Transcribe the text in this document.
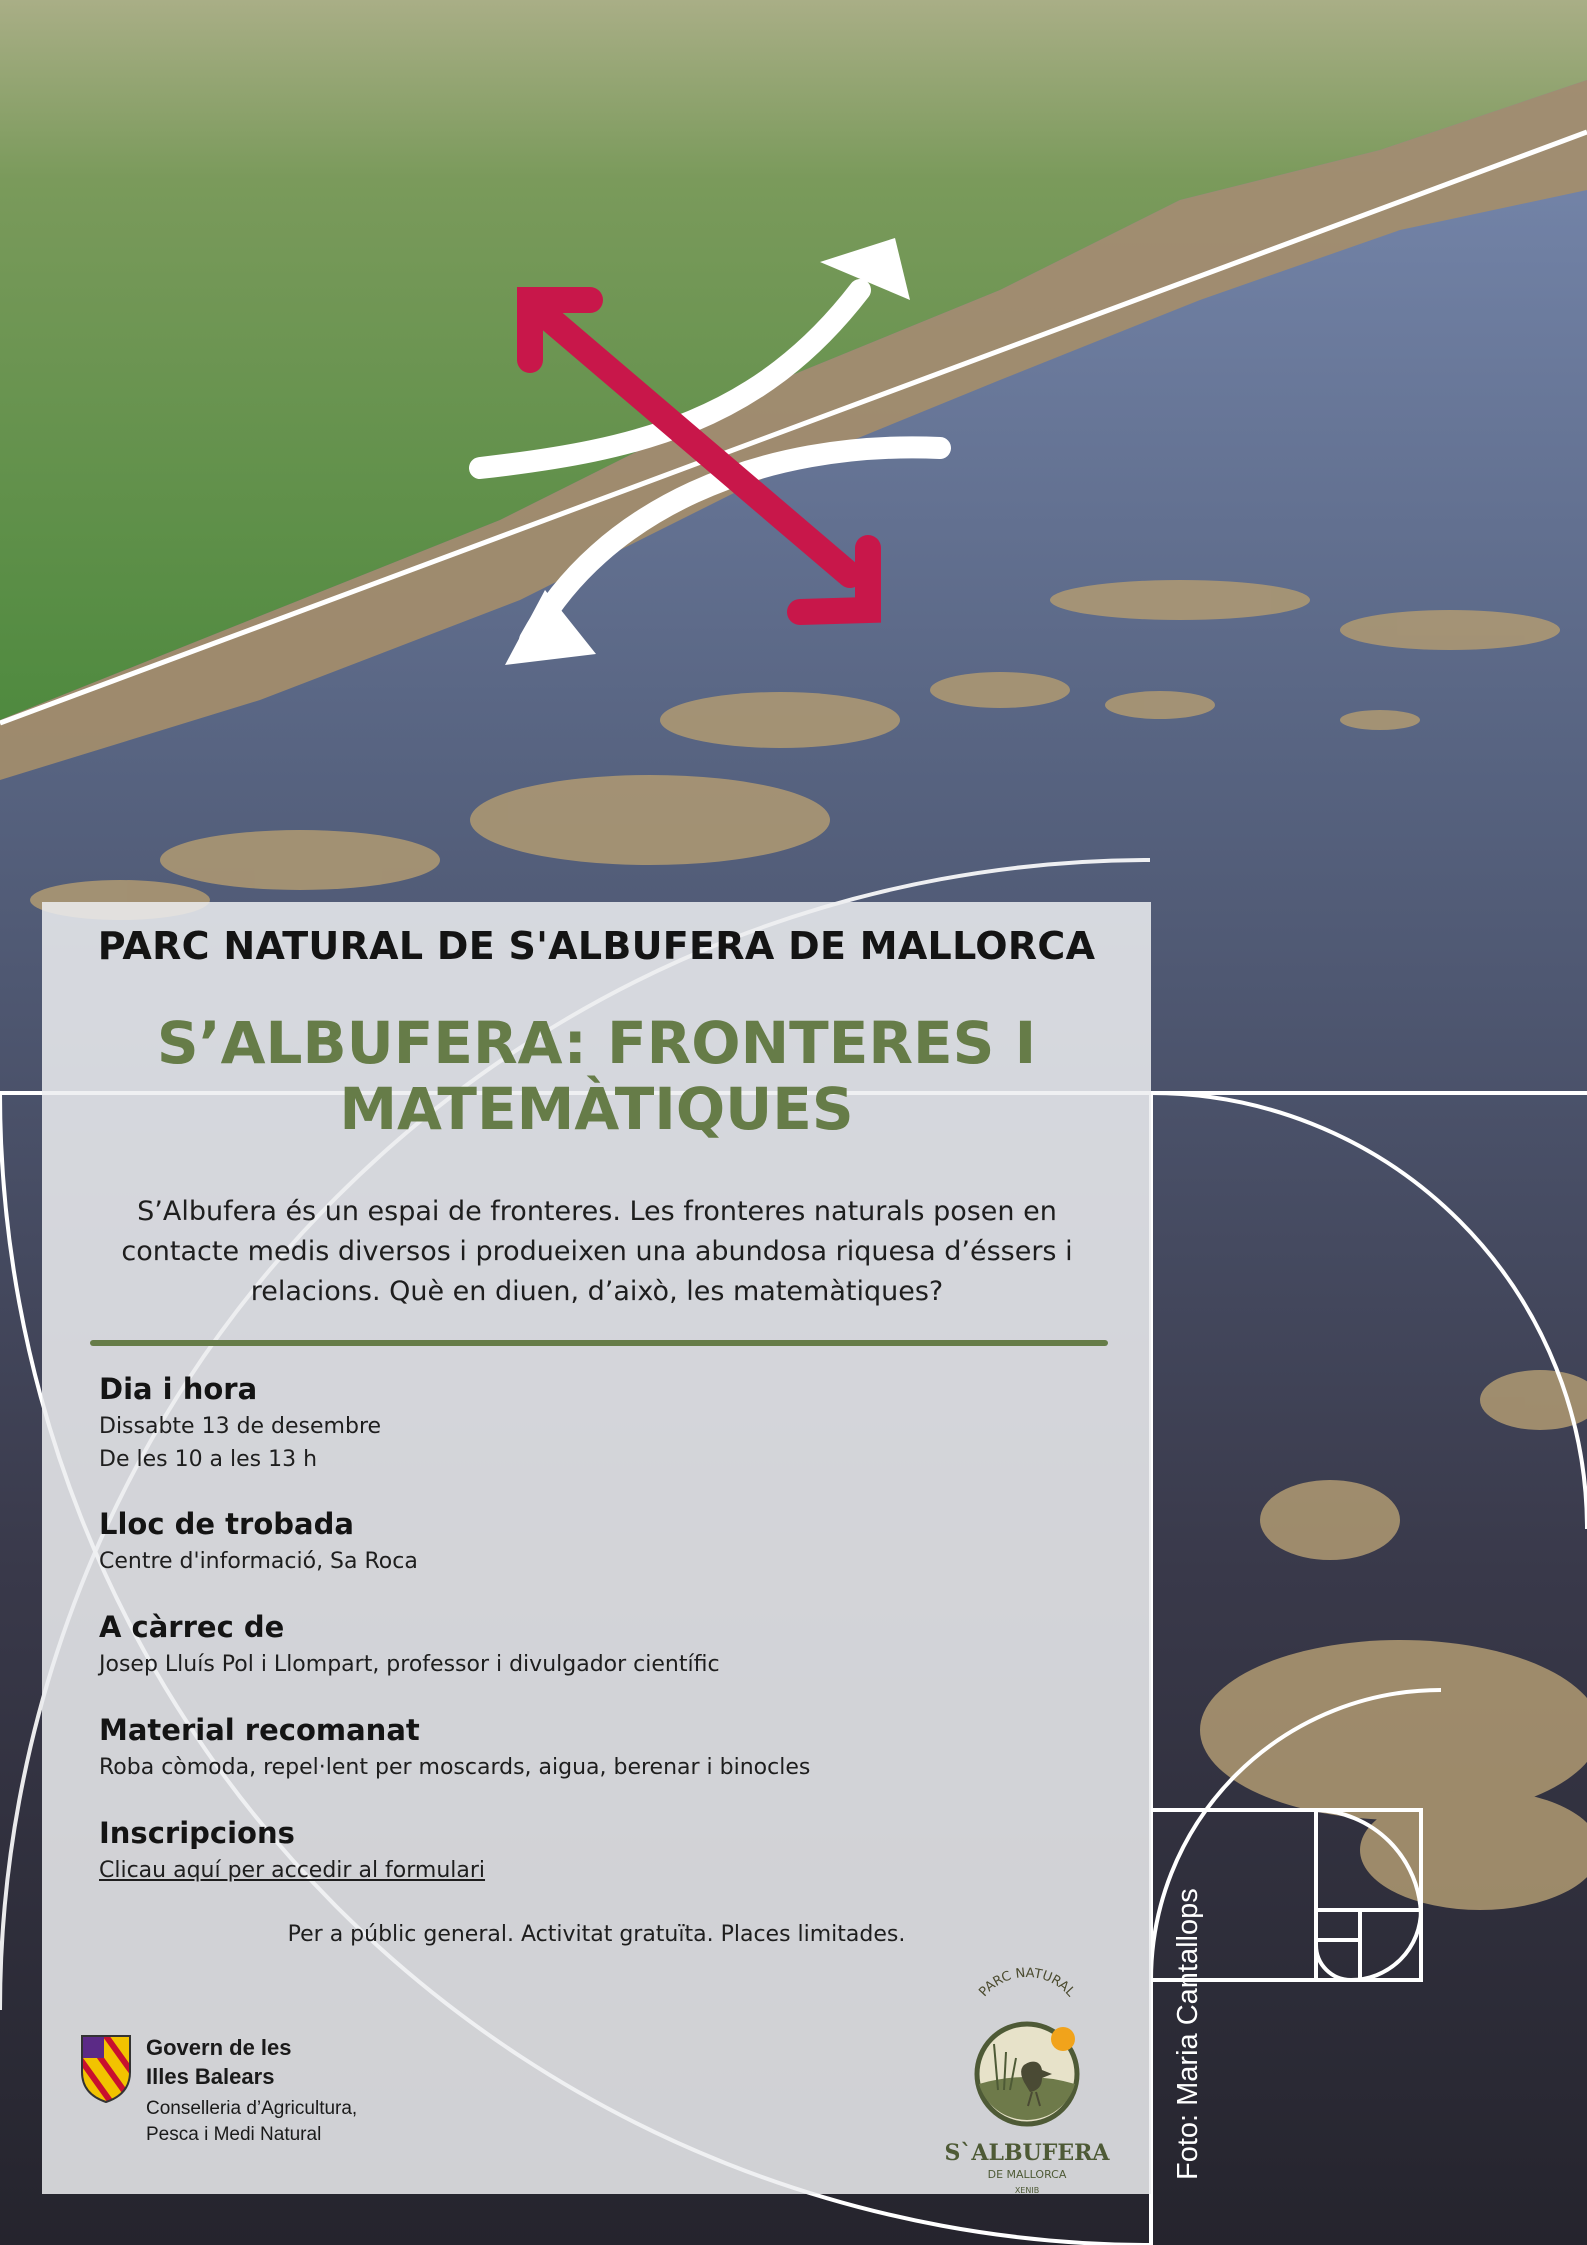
PARC NATURAL DE S'ALBUFERA DE MALLORCA
S’ALBUFERA: FRONTERES I
MATEMÀTIQUES
S’Albufera és un espai de fronteres. Les fronteres naturals posen en
contacte medis diversos i produeixen una abundosa riquesa d’éssers i
relacions. Què en diuen, d’això, les matemàtiques?
Dia i hora
Dissabte 13 de desembre
De les 10 a les 13 h
Lloc de trobada
Centre d'informació, Sa Roca
A càrrec de
Josep Lluís Pol i Llompart, professor i divulgador científic
Material recomanat
Roba còmoda, repel·lent per moscards, aigua, berenar i binocles
Inscripcions
Clicau aquí per accedir al formulari
Per a públic general. Activitat gratuïta. Places limitades.
Govern de les
Illes Balears
Conselleria d’Agricultura,
Pesca i Medi Natural
PARC NATURAL
S`ALBUFERA
DE MALLORCA
XENIB
Foto: Maria Cantallops
